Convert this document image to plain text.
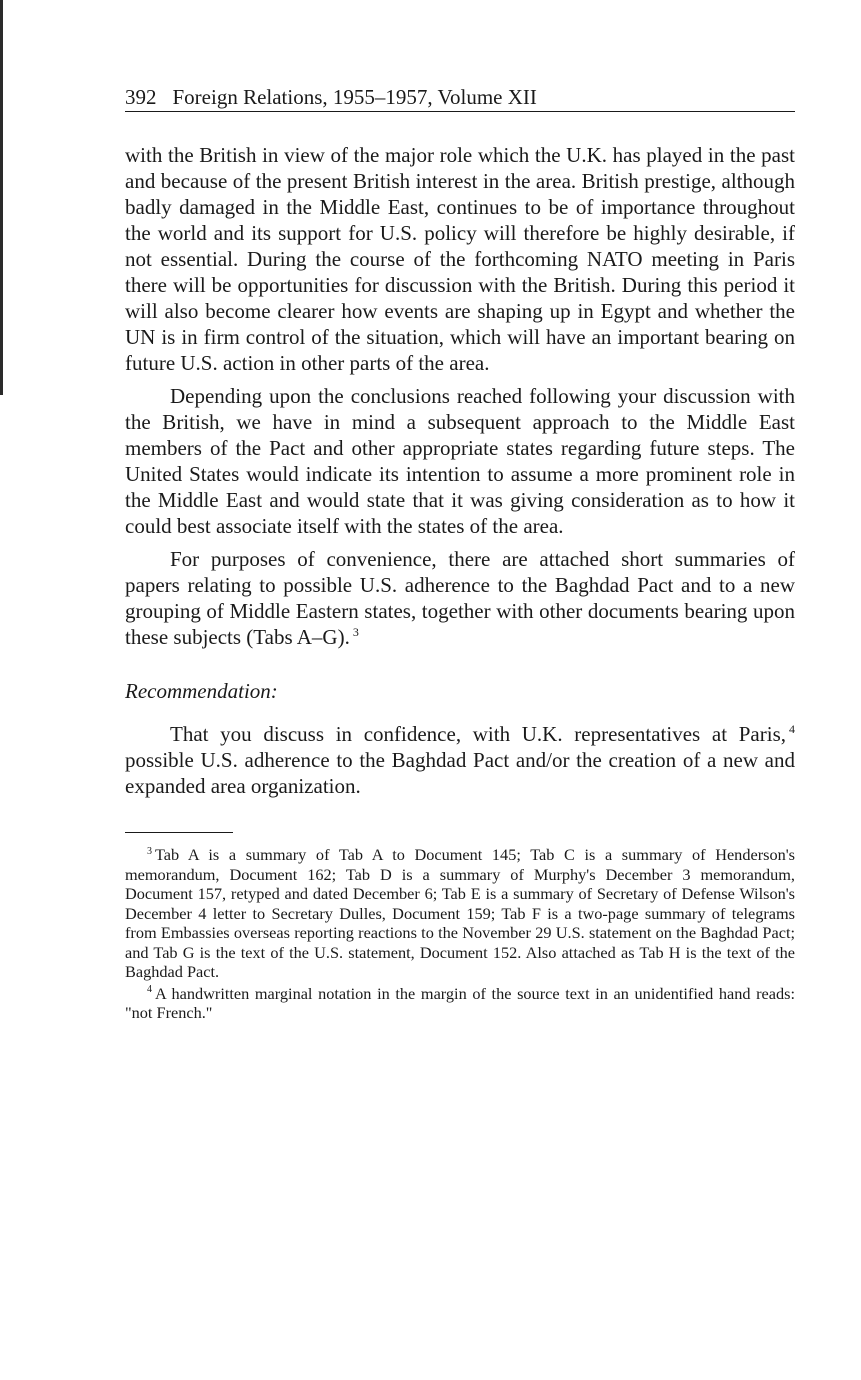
392 Foreign Relations, 1955–1957, Volume XII

with the British in view of the major role which the U.K. has played in the past and because of the present British interest in the area. British prestige, although badly damaged in the Middle East, continues to be of importance throughout the world and its support for U.S. policy will therefore be highly desirable, if not essential. During the course of the forthcoming NATO meeting in Paris there will be opportunities for discussion with the British. During this period it will also become clearer how events are shaping up in Egypt and whether the UN is in firm control of the situation, which will have an important bearing on future U.S. action in other parts of the area.

Depending upon the conclusions reached following your discussion with the British, we have in mind a subsequent approach to the Middle East members of the Pact and other appropriate states regarding future steps. The United States would indicate its intention to assume a more prominent role in the Middle East and would state that it was giving consideration as to how it could best associate itself with the states of the area.

For purposes of convenience, there are attached short summaries of papers relating to possible U.S. adherence to the Baghdad Pact and to a new grouping of Middle Eastern states, together with other documents bearing upon these subjects (Tabs A–G). $^3$

Recommendation:

That you discuss in confidence, with U.K. representatives at Paris, $^4$ possible U.S. adherence to the Baghdad Pact and/or the creation of a new and expanded area organization.

$^3$ Tab A is a summary of Tab A to Document 145; Tab C is a summary of Henderson's memorandum, Document 162; Tab D is a summary of Murphy's December 3 memorandum, Document 157, retyped and dated December 6; Tab E is a summary of Secretary of Defense Wilson's December 4 letter to Secretary Dulles, Document 159; Tab F is a two-page summary of telegrams from Embassies overseas reporting reactions to the November 29 U.S. statement on the Baghdad Pact; and Tab G is the text of the U.S. statement, Document 152. Also attached as Tab H is the text of the Baghdad Pact.

$^4$ A handwritten marginal notation in the margin of the source text in an unidentified hand reads: "not French."
